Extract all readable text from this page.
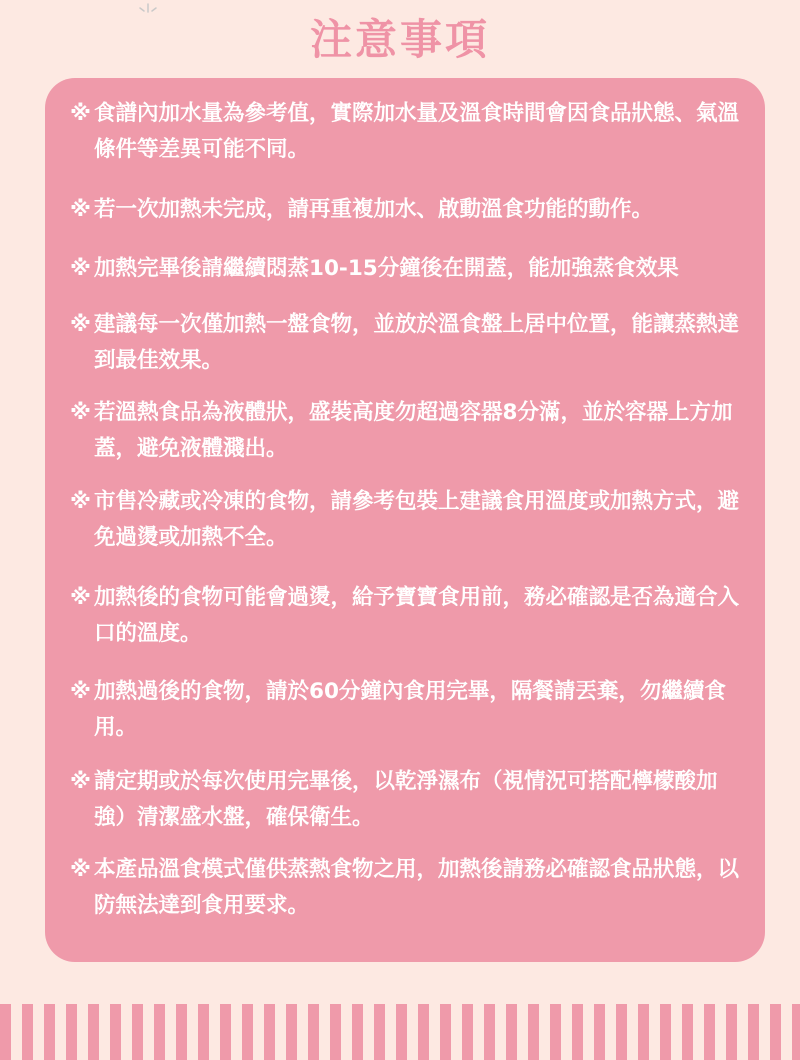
注意事項
※ 食譜內加水量為參考值，實際加水量及溫食時間會因食品狀態、氣溫條件等差異可能不同。
※ 若一次加熱未完成，請再重複加水、啟動溫食功能的動作。
※ 加熱完畢後請繼續悶蒸10-15分鐘後在開蓋，能加強蒸食效果
※ 建議每一次僅加熱一盤食物，並放於溫食盤上居中位置，能讓蒸熱達到最佳效果。
※ 若溫熱食品為液體狀，盛裝高度勿超過容器8分滿，並於容器上方加蓋，避免液體濺出。
※ 市售冷藏或冷凍的食物，請參考包裝上建議食用溫度或加熱方式，避免過燙或加熱不全。
※ 加熱後的食物可能會過燙，給予寶寶食用前，務必確認是否為適合入口的溫度。
※ 加熱過後的食物，請於60分鐘內食用完畢，隔餐請丟棄，勿繼續食用。
※ 請定期或於每次使用完畢後，以乾淨濕布（視情況可搭配檸檬酸加強）清潔盛水盤，確保衛生。
※ 本產品溫食模式僅供蒸熱食物之用，加熱後請務必確認食品狀態，以防無法達到食用要求。
